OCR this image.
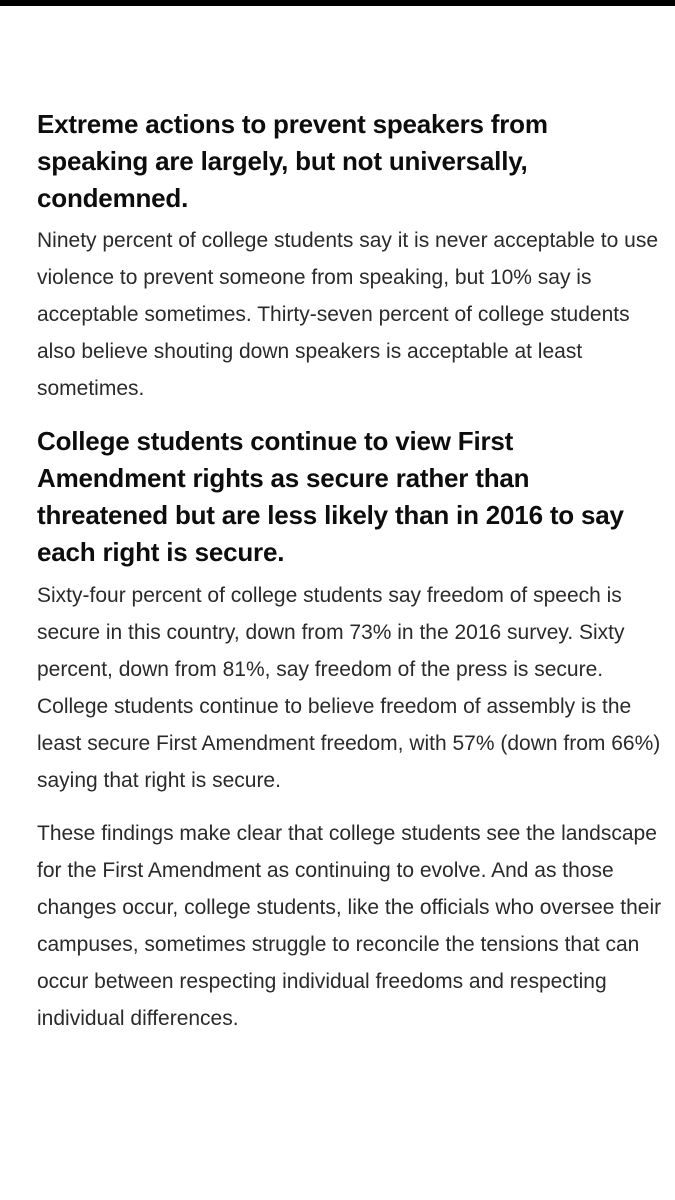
Extreme actions to prevent speakers from speaking are largely, but not universally, condemned.

Ninety percent of college students say it is never acceptable to use violence to prevent someone from speaking, but 10% say is acceptable sometimes. Thirty-seven percent of college students also believe shouting down speakers is acceptable at least sometimes.

College students continue to view First Amendment rights as secure rather than threatened but are less likely than in 2016 to say each right is secure.

Sixty-four percent of college students say freedom of speech is secure in this country, down from 73% in the 2016 survey. Sixty percent, down from 81%, say freedom of the press is secure. College students continue to believe freedom of assembly is the least secure First Amendment freedom, with 57% (down from 66%) saying that right is secure.

These findings make clear that college students see the landscape for the First Amendment as continuing to evolve. And as those changes occur, college students, like the officials who oversee their campuses, sometimes struggle to reconcile the tensions that can occur between respecting individual freedoms and respecting individual differences.
